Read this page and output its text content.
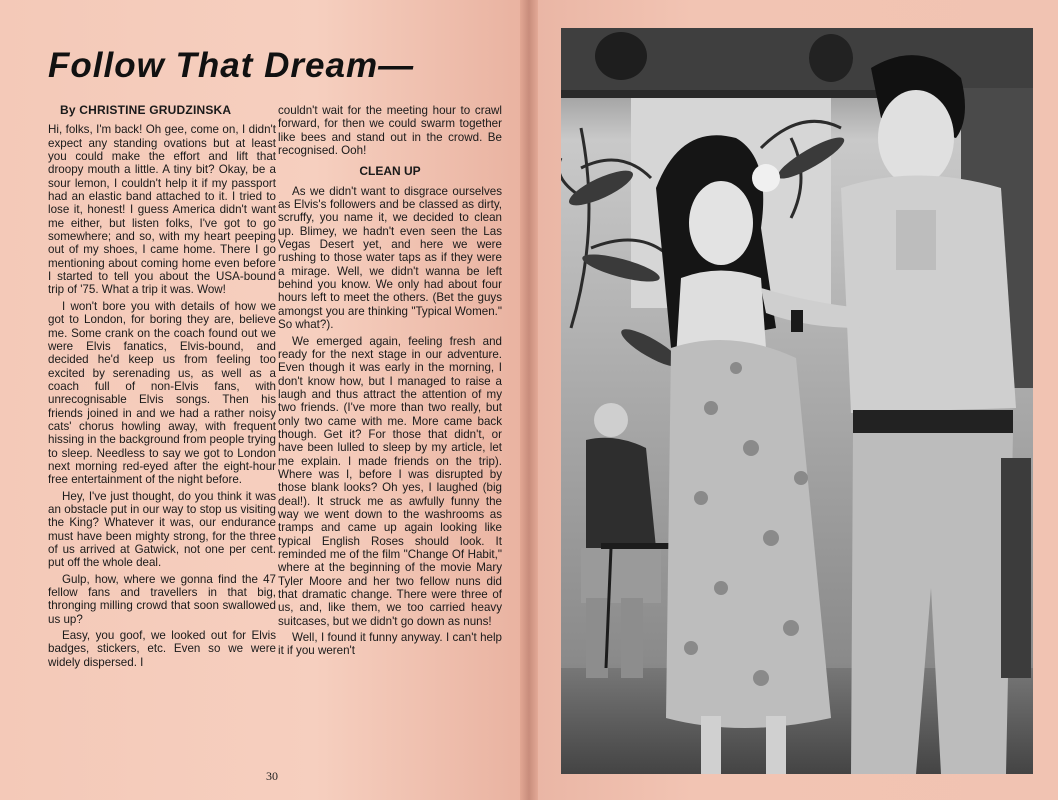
Follow That Dream—
By CHRISTINE GRUDZINSKA

Hi, folks, I'm back! Oh gee, come on, I didn't expect any standing ovations but at least you could make the effort and lift that droopy mouth a little. A tiny bit? Okay, be a sour lemon, I couldn't help it if my passport had an elastic band attached to it. I tried to lose it, honest! I guess America didn't want me either, but listen folks, I've got to go somewhere; and so, with my heart peeping out of my shoes, I came home. There I go mentioning about coming home even before I started to tell you about the USA-bound trip of '75. What a trip it was. Wow!

I won't bore you with details of how we got to London, for boring they are, believe me. Some crank on the coach found out we were Elvis fanatics, Elvis-bound, and decided he'd keep us from feeling too excited by serenading us, as well as a coach full of non-Elvis fans, with unrecognisable Elvis songs. Then his friends joined in and we had a rather noisy cats' chorus howling away, with frequent hissing in the background from people trying to sleep. Needless to say we got to London next morning red-eyed after the eight-hour free entertainment of the night before.

Hey, I've just thought, do you think it was an obstacle put in our way to stop us visiting the King? Whatever it was, our endurance must have been mighty strong, for the three of us arrived at Gatwick, not one per cent. put off the whole deal.

Gulp, how, where we gonna find the 47 fellow fans and travellers in that big, thronging milling crowd that soon swallowed us up?

Easy, you goof, we looked out for Elvis badges, stickers, etc. Even so we were widely dispersed. I

couldn't wait for the meeting hour to crawl forward, for then we could swarm together like bees and stand out in the crowd. Be recognised. Ooh!

CLEAN UP

As we didn't want to disgrace ourselves as Elvis's followers and be classed as dirty, scruffy, you name it, we decided to clean up. Blimey, we hadn't even seen the Las Vegas Desert yet, and here we were rushing to those water taps as if they were a mirage. Well, we didn't wanna be left behind you know. We only had about four hours left to meet the others. (Bet the guys amongst you are thinking "Typical Women." So what?).

We emerged again, feeling fresh and ready for the next stage in our adventure. Even though it was early in the morning, I don't know how, but I managed to raise a laugh and thus attract the attention of my two friends. (I've more than two really, but only two came with me. More came back though. Get it? For those that didn't, or have been lulled to sleep by my article, let me explain. I made friends on the trip). Where was I, before I was disrupted by those blank looks? Oh yes, I laughed (big deal!). It struck me as awfully funny the way we went down to the washrooms as tramps and came up again looking like typical English Roses should look. It reminded me of the film "Change Of Habit," where at the beginning of the movie Mary Tyler Moore and her two fellow nuns did that dramatic change. There were three of us, and, like them, we too carried heavy suitcases, but we didn't go down as nuns!

Well, I found it funny anyway. I can't help it if you weren't

30
